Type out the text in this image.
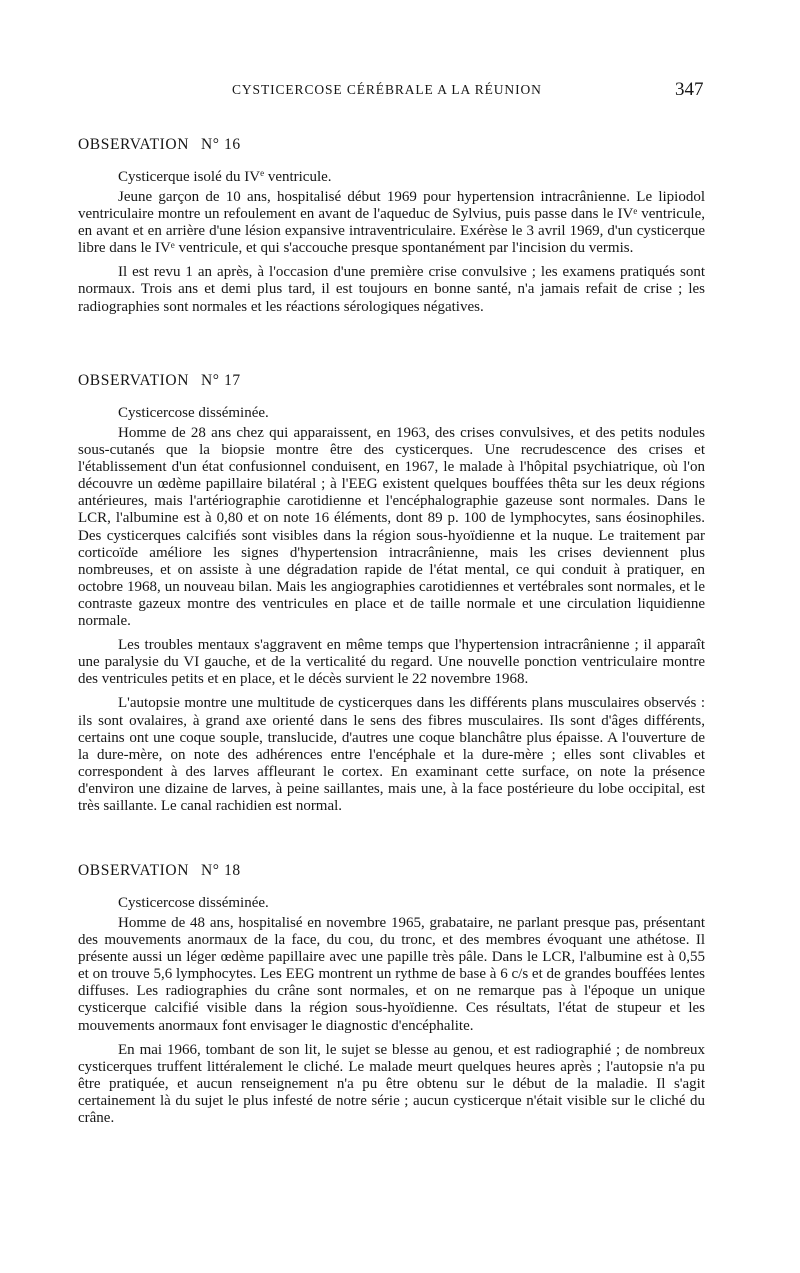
CYSTICERCOSE CÉRÉBRALE A LA RÉUNION	347
OBSERVATION N° 16
Cysticerque isolé du IVe ventricule.

Jeune garçon de 10 ans, hospitalisé début 1969 pour hypertension intracrânienne. Le lipiodol ventriculaire montre un refoulement en avant de l'aqueduc de Sylvius, puis passe dans le IVᵉ ventricule, en avant et en arrière d'une lésion expansive intraventriculaire. Exérèse le 3 avril 1969, d'un cysticerque libre dans le IVᵉ ventricule, et qui s'accouche presque spontanément par l'incision du vermis.

Il est revu 1 an après, à l'occasion d'une première crise convulsive ; les examens pratiqués sont normaux. Trois ans et demi plus tard, il est toujours en bonne santé, n'a jamais refait de crise ; les radiographies sont normales et les réactions sérologiques négatives.

OBSERVATION N° 17
Cysticercose disséminée.

Homme de 28 ans chez qui apparaissent, en 1963, des crises convulsives, et des petits nodules sous-cutanés que la biopsie montre être des cysticerques. Une recrudescence des crises et l'établissement d'un état confusionnel conduisent, en 1967, le malade à l'hôpital psychiatrique, où l'on découvre un œdème papillaire bilatéral ; à l'EEG existent quelques bouffées thêta sur les deux régions antérieures, mais l'artériographie carotidienne et l'encéphalographie gazeuse sont normales. Dans le LCR, l'albumine est à 0,80 et on note 16 éléments, dont 89 p. 100 de lymphocytes, sans éosinophiles. Des cysticerques calcifiés sont visibles dans la région sous-hyoïdienne et la nuque. Le traitement par corticoïde améliore les signes d'hypertension intracrânienne, mais les crises deviennent plus nombreuses, et on assiste à une dégradation rapide de l'état mental, ce qui conduit à pratiquer, en octobre 1968, un nouveau bilan. Mais les angiographies carotidiennes et vertébrales sont normales, et le contraste gazeux montre des ventricules en place et de taille normale et une circulation liquidienne normale.

Les troubles mentaux s'aggravent en même temps que l'hypertension intracrânienne ; il apparaît une paralysie du VI gauche, et de la verticalité du regard. Une nouvelle ponction ventriculaire montre des ventricules petits et en place, et le décès survient le 22 novembre 1968.

L'autopsie montre une multitude de cysticerques dans les différents plans musculaires observés : ils sont ovalaires, à grand axe orienté dans le sens des fibres musculaires. Ils sont d'âges différents, certains ont une coque souple, translucide, d'autres une coque blanchâtre plus épaisse. A l'ouverture de la dure-mère, on note des adhérences entre l'encéphale et la dure-mère ; elles sont clivables et correspondent à des larves affleurant le cortex. En examinant cette surface, on note la présence d'environ une dizaine de larves, à peine saillantes, mais une, à la face postérieure du lobe occipital, est très saillante. Le canal rachidien est normal.

OBSERVATION N° 18
Cysticercose disséminée.

Homme de 48 ans, hospitalisé en novembre 1965, grabataire, ne parlant presque pas, présentant des mouvements anormaux de la face, du cou, du tronc, et des membres évoquant une athétose. Il présente aussi un léger œdème papillaire avec une papille très pâle. Dans le LCR, l'albumine est à 0,55 et on trouve 5,6 lymphocytes. Les EEG montrent un rythme de base à 6 c/s et de grandes bouffées lentes diffuses. Les radiographies du crâne sont normales, et on ne remarque pas à l'époque un unique cysticerque calcifié visible dans la région sous-hyoïdienne. Ces résultats, l'état de stupeur et les mouvements anormaux font envisager le diagnostic d'encéphalite.

En mai 1966, tombant de son lit, le sujet se blesse au genou, et est radiographié ; de nombreux cysticerques truffent littéralement le cliché. Le malade meurt quelques heures après ; l'autopsie n'a pu être pratiquée, et aucun renseignement n'a pu être obtenu sur le début de la maladie. Il s'agit certainement là du sujet le plus infesté de notre série ; aucun cysticerque n'était visible sur le cliché du crâne.
